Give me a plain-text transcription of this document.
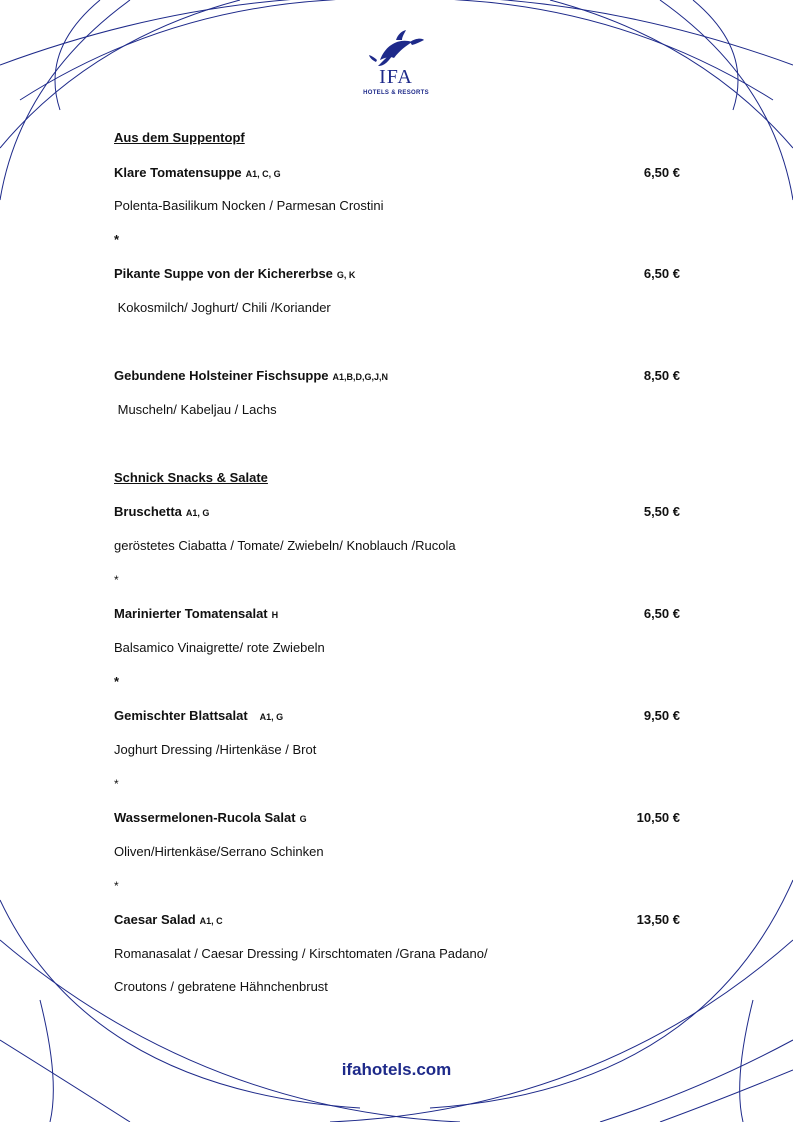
IFA
HOTELS & RESORTS
Aus dem Suppentopf
Klare Tomatensuppe A1, C, G	6,50 €
Polenta-Basilikum Nocken / Parmesan Crostini
*
Pikante Suppe von der Kichererbse G, K	6,50 €
Kokosmilch/ Joghurt/ Chili /Koriander
Gebundene Holsteiner Fischsuppe A1,B,D,G,J,N	8,50 €
Muscheln/ Kabeljau / Lachs
Schnick Snacks & Salate
Bruschetta A1, G	5,50 €
geröstetes Ciabatta / Tomate/ Zwiebeln/ Knoblauch /Rucola
*
Marinierter Tomatensalat H	6,50 €
Balsamico Vinaigrette/ rote Zwiebeln
*
Gemischter Blattsalat A1, G	9,50 €
Joghurt Dressing /Hirtenkäse / Brot
*
Wassermelonen-Rucola Salat G	10,50 €
Oliven/Hirtenkäse/Serrano Schinken
*
Caesar Salad A1, C	13,50 €
Romanasalat / Caesar Dressing / Kirschtomaten /Grana Padano/
Croutons / gebratene Hähnchenbrust
ifahotels.com
